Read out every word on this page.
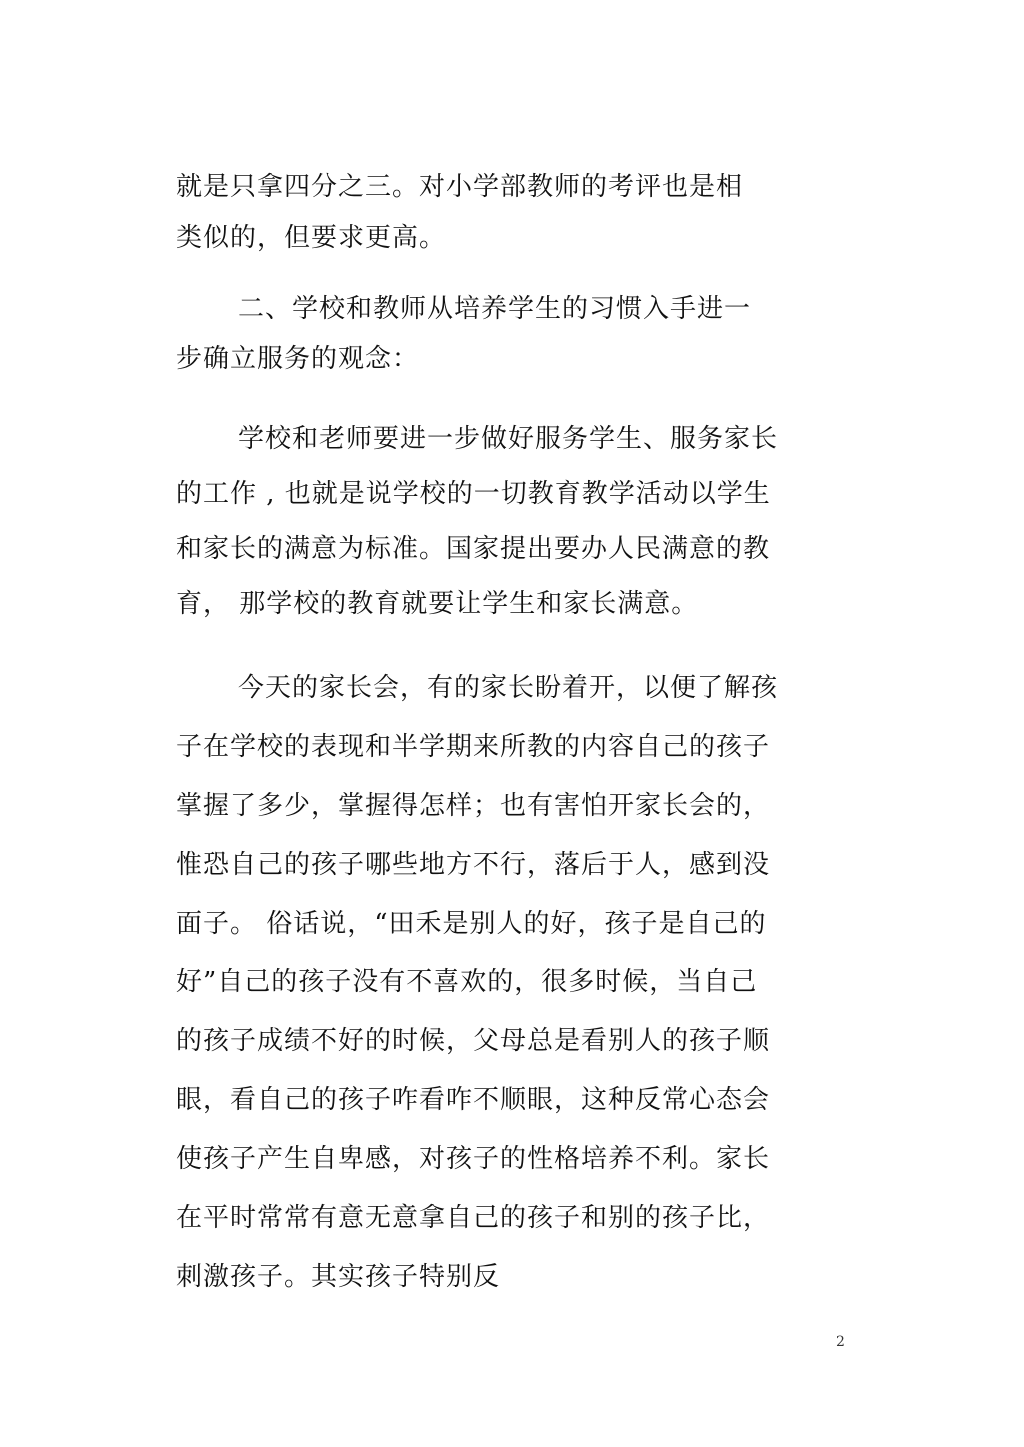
就是只拿四分之三。对小学部教师的考评也是相
类似的，但要求更高。
二、学校和教师从培养学生的习惯入手进一
步确立服务的观念：
学校和老师要进一步做好服务学生、服务家长
的工作 , 也就是说学校的一切教育教学活动以学生
和家长的满意为标准。国家提出要办人民满意的教
育， 那学校的教育就要让学生和家长满意。
今天的家长会，有的家长盼着开，以便了解孩
子在学校的表现和半学期来所教的内容自己的孩子
掌握了多少，掌握得怎样；也有害怕开家长会的，
惟恐自己的孩子哪些地方不行，落后于人，感到没
面子。 俗话说，“田禾是别人的好，孩子是自己的
好”自己的孩子没有不喜欢的，很多时候，当自己
的孩子成绩不好的时候，父母总是看别人的孩子顺
眼，看自己的孩子咋看咋不顺眼，这种反常心态会
使孩子产生自卑感，对孩子的性格培养不利。家长
在平时常常有意无意拿自己的孩子和别的孩子比，
刺激孩子。其实孩子特别反
2
